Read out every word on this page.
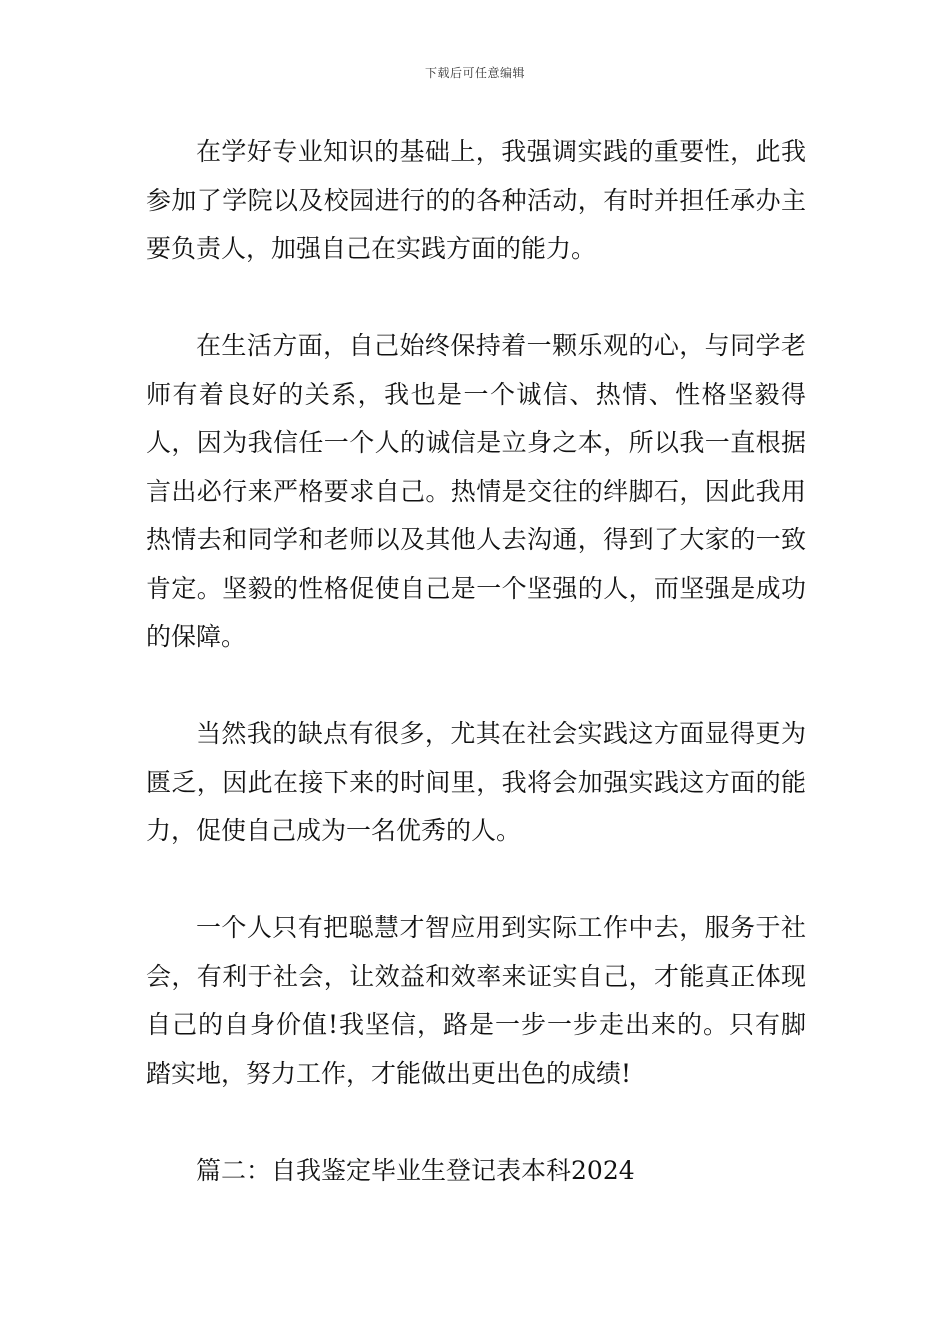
下载后可任意编辑

在学好专业知识的基础上，我强调实践的重要性，此我参加了学院以及校园进行的的各种活动，有时并担任承办主要负责人，加强自己在实践方面的能力。

在生活方面，自己始终保持着一颗乐观的心，与同学老师有着良好的关系，我也是一个诚信、热情、性格坚毅得人，因为我信任一个人的诚信是立身之本，所以我一直根据言出必行来严格要求自己。热情是交往的绊脚石，因此我用热情去和同学和老师以及其他人去沟通，得到了大家的一致肯定。坚毅的性格促使自己是一个坚强的人，而坚强是成功的保障。

当然我的缺点有很多，尤其在社会实践这方面显得更为匮乏，因此在接下来的时间里，我将会加强实践这方面的能力，促使自己成为一名优秀的人。

一个人只有把聪慧才智应用到实际工作中去，服务于社会，有利于社会，让效益和效率来证实自己，才能真正体现自己的自身价值!我坚信，路是一步一步走出来的。只有脚踏实地，努力工作，才能做出更出色的成绩!

篇二：自我鉴定毕业生登记表本科2024
